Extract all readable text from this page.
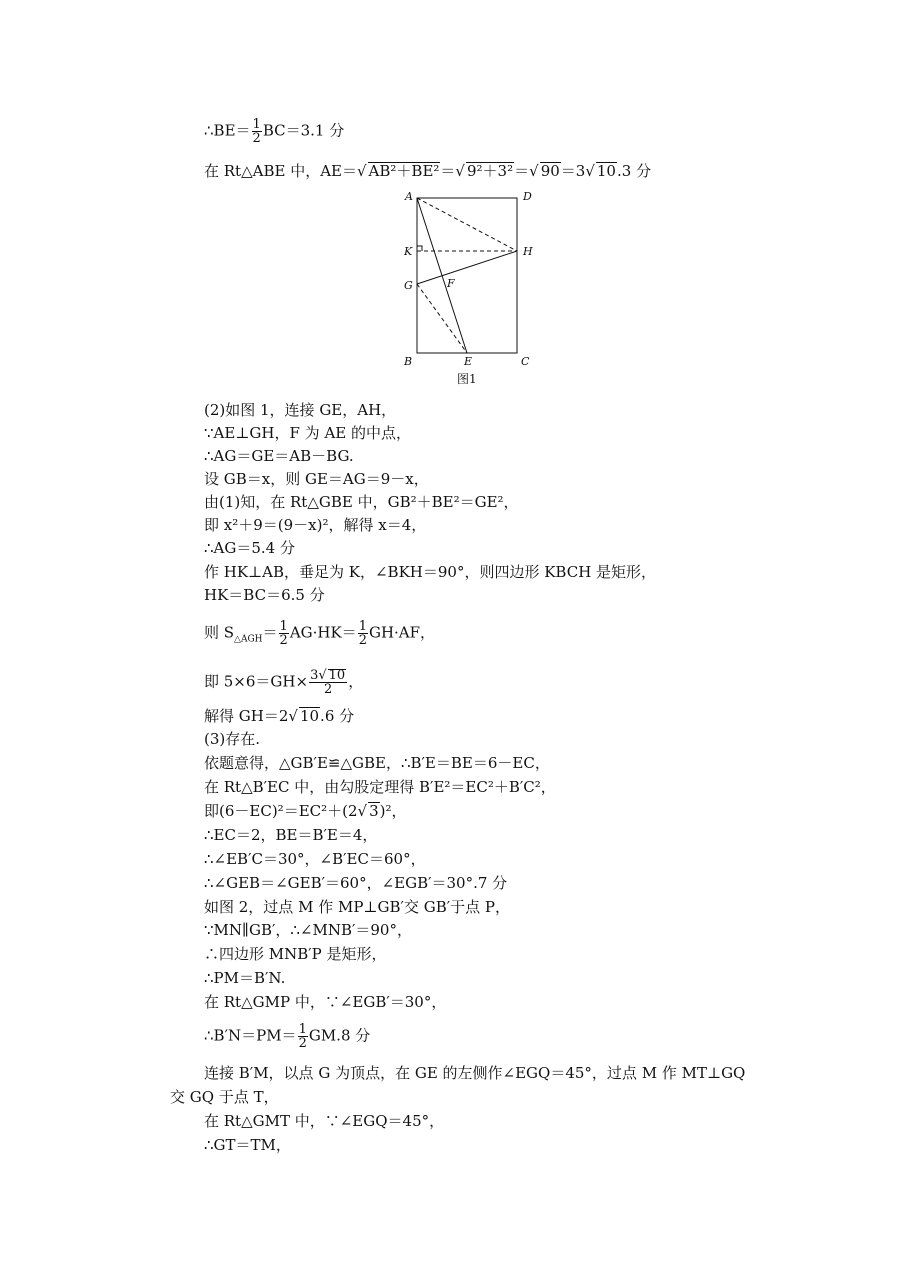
∴BE＝ $\frac{1}{2} BC=3.1$ 分
在 Rt△ABE 中，AE＝√ AB²＋BE²＝√ 9²＋3²＝√ 90＝3√ 10.3 分
A	D
K	H
G	F
B	E	C
图1
(2)如图 1，连接 GE，AH，
∵AE⊥GH，F 为 AE 的中点，
∴AG＝GE＝AB－BG.
设 GB＝x，则 GE＝AG＝9－x，
由(1)知，在 Rt△GBE 中，GB²＋BE²＝GE²，
即 x²＋9＝(9－x)²，解得 x＝4，
∴AG＝5.4 分
作 HK⊥AB，垂足为 K，∠BKH＝90°，则四边形 KBCH 是矩形，
HK＝BC＝6.5 分
则 $S_{\triangle AGH}= \frac{1}{2} AG\cdot HK= \frac{1}{2} GH\cdot AF$，
即 $5\times 6=GH\times \frac{3√ 10}{2}$ ，
解得 GH＝2√ 10.6 分
(3)存在.
依题意得，△GB′E≌△GBE，∴B′E＝BE＝6－EC，
在 Rt△B′EC 中，由勾股定理得 B′E²＝EC²＋B′C²，
即(6－EC)²＝EC²＋(2√ 3)²，
∴EC＝2，BE＝B′E＝4，
∴∠EB′C＝30°，∠B′EC＝60°，
∴∠GEB＝∠GEB′＝60°，∠EGB′＝30°.7 分
如图 2，过点 M 作 MP⊥GB′交 GB′于点 P，
∵MN∥GB′，∴∠MNB′＝90°，
∴四边形 MNB′P 是矩形，
∴PM＝B′N.
在 Rt△GMP 中，∵∠EGB′＝30°，
∴B′N＝PM＝ $\frac{1}{2} GM.8$ 分
连接 B′M，以点 G 为顶点，在 GE 的左侧作∠EGQ＝45°，过点 M 作 MT⊥GQ
交 GQ 于点 T，
在 Rt△GMT 中，∵∠EGQ＝45°，
∴GT＝TM，
